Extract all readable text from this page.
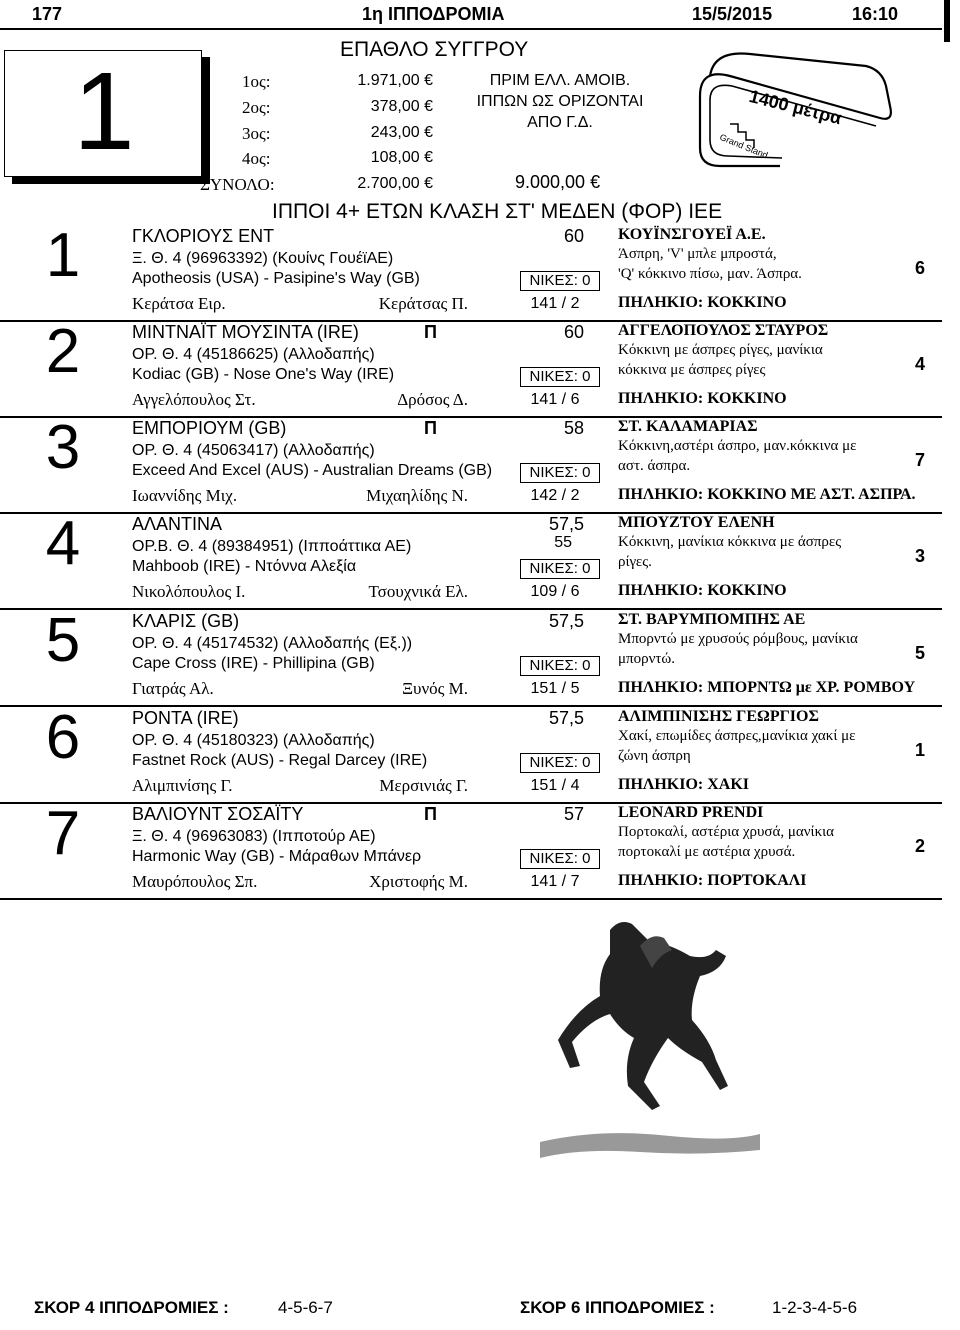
177	1η ΙΠΠΟΔΡΟΜΙΑ	15/5/2015	16:10
1
ΕΠΑΘΛΟ ΣΥΓΓΡΟΥ
1ος:	1.971,00 €
2ος:	378,00 €
3ος:	243,00 €
4ος:	108,00 €
ΣΥΝΟΛΟ:	2.700,00 €
ΠΡΙΜ ΕΛΛ. ΑΜΟΙΒ.
ΙΠΠΩΝ ΩΣ ΟΡΙΖΟΝΤΑΙ
ΑΠΟ Γ.Δ.
9.000,00 €
1400 μέτρα
Grand Stand
ΙΠΠΟΙ 4+ ΕΤΩΝ ΚΛΑΣΗ ΣΤ' ΜΕΔΕΝ (ΦΟΡ) ΙΕΕ
1	ΓΚΛΟΡΙΟΥΣ ΕΝΤ	60
Ξ. Θ. 4 (96963392) (Κουίνς ΓουέϊΑΕ)
Apotheosis (USA) - Pasipine's Way (GB)	ΝΙΚΕΣ: 0
Κεράτσα Ειρ.	Κεράτσας Π.	141 / 2
ΚΟΥΪΝΣΓΟΥΕΪ Α.Ε.
Άσπρη, 'V' μπλε μπροστά,
'Q' κόκκινο πίσω, μαν. Άσπρα.
ΠΗΛΗΚΙΟ: ΚΟΚΚΙΝΟ
6
2	ΜΙΝΤΝΑΪΤ ΜΟΥΣΙΝΤΑ (IRE)	Π	60
ΟΡ. Θ. 4 (45186625) (Αλλοδαπής)
Kodiac (GB) - Nose One's Way (IRE)	ΝΙΚΕΣ: 0
Αγγελόπουλος Στ.	Δρόσος Δ.	141 / 6
ΑΓΓΕΛΟΠΟΥΛΟΣ ΣΤΑΥΡΟΣ
Κόκκινη με άσπρες ρίγες, μανίκια
κόκκινα με άσπρες ρίγες
ΠΗΛΗΚΙΟ: ΚΟΚΚΙΝΟ
4
3	ΕΜΠΟΡΙΟΥΜ (GB)	Π	58
ΟΡ. Θ. 4 (45063417) (Αλλοδαπής)
Exceed And Excel (AUS) - Australian Dreams (GB)	ΝΙΚΕΣ: 0
Ιωαννίδης Μιχ.	Μιχαηλίδης Ν.	142 / 2
ΣΤ. ΚΑΛΑΜΑΡΙΑΣ
Κόκκινη,αστέρι άσπρο, μαν.κόκκινα με
αστ. άσπρα.
ΠΗΛΗΚΙΟ: ΚΟΚΚΙΝΟ ΜΕ ΑΣΤ. ΑΣΠΡΑ.
7
4	ΑΛΑΝΤΙΝΑ	57,5
55
ΟΡ.Β. Θ. 4 (89384951) (Ιπποάττικα ΑΕ)
Mahboob (IRE) - Ντόννα Αλεξία	ΝΙΚΕΣ: 0
Νικολόπουλος Ι.	Τσουχνικά Ελ.	109 / 6
ΜΠΟΥΖΤΟΥ ΕΛΕΝΗ
Κόκκινη, μανίκια κόκκινα με άσπρες
ρίγες.
ΠΗΛΗΚΙΟ: ΚΟΚΚΙΝΟ
3
5	ΚΛΑΡΙΣ (GB)	57,5
ΟΡ. Θ. 4 (45174532) (Αλλοδαπής (Εξ.))
Cape Cross (IRE) - Phillipina (GB)	ΝΙΚΕΣ: 0
Γιατράς Αλ.	Ξυνός Μ.	151 / 5
ΣΤ. ΒΑΡΥΜΠΟΜΠΗΣ ΑΕ
Μπορντώ με χρυσούς ρόμβους, μανίκια
μπορντώ.
ΠΗΛΗΚΙΟ: ΜΠΟΡΝΤΩ με ΧΡ. ΡΟΜΒΟΥ
5
6	ΡΟΝΤΑ (IRE)	57,5
ΟΡ. Θ. 4 (45180323) (Αλλοδαπής)
Fastnet Rock (AUS) - Regal Darcey (IRE)	ΝΙΚΕΣ: 0
Αλιμπινίσης Γ.	Μερσινιάς Γ.	151 / 4
ΑΛΙΜΠΙΝΙΣΗΣ ΓΕΩΡΓΙΟΣ
Χακί, επωμίδες άσπρες,μανίκια χακί με
ζώνη άσπρη
ΠΗΛΗΚΙΟ: ΧΑΚΙ
1
7	ΒΑΛΙΟΥΝΤ ΣΟΣΑΪΤΥ	Π	57
Ξ. Θ. 4 (96963083) (Ιπποτούρ ΑΕ)
Harmonic Way (GB) - Μάραθων Μπάνερ	ΝΙΚΕΣ: 0
Μαυρόπουλος Σπ.	Χριστοφής Μ.	141 / 7
LEONARD PRENDI
Πορτοκαλί, αστέρια χρυσά, μανίκια
πορτοκαλί με αστέρια χρυσά.
ΠΗΛΗΚΙΟ: ΠΟΡΤΟΚΑΛΙ
2
ΣΚΟΡ 4 ΙΠΠΟΔΡΟΜΙΕΣ :	4-5-6-7	ΣΚΟΡ 6 ΙΠΠΟΔΡΟΜΙΕΣ :	1-2-3-4-5-6
